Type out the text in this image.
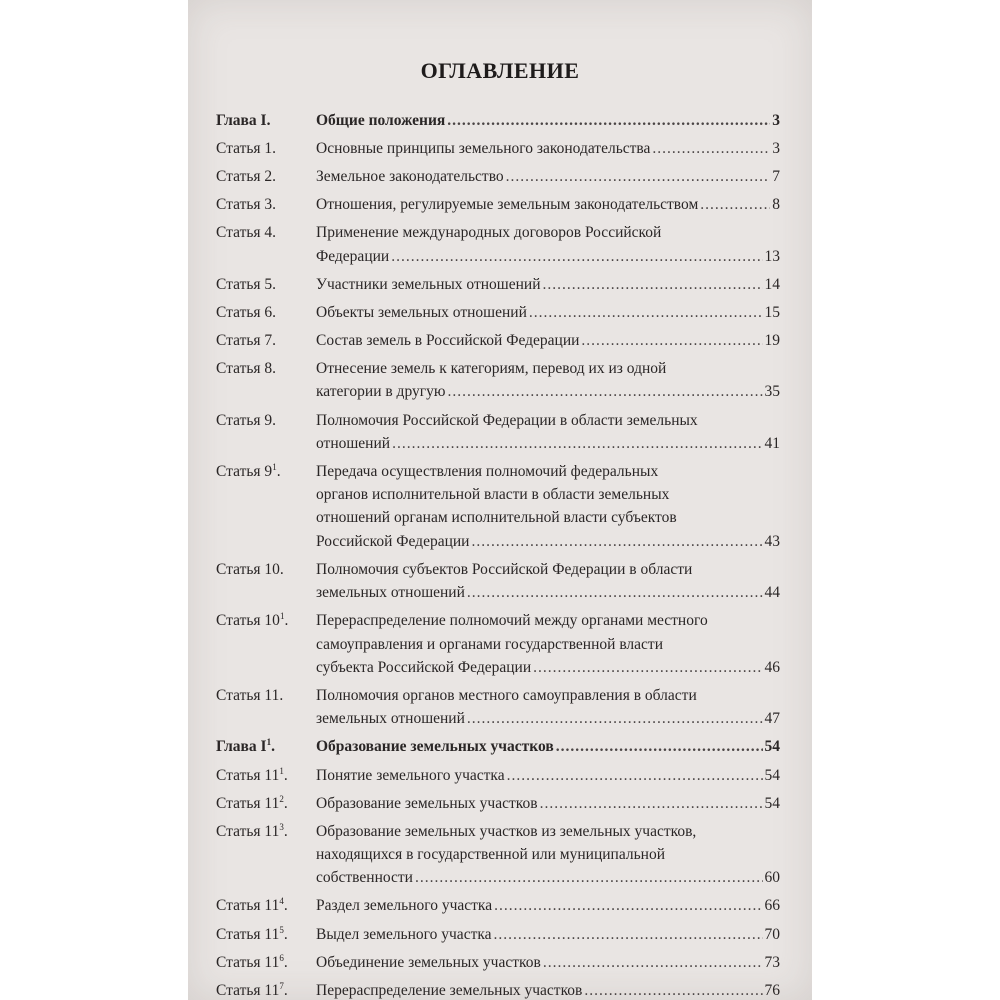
ОГЛАВЛЕНИЕ
Глава I.	Общие положения .....	3
Статья 1.	Основные принципы земельного законодательства .....	3
Статья 2.	Земельное законодательство .....	7
Статья 3.	Отношения, регулируемые земельным законодательством .....	8
Статья 4.	Применение международных договоров Российской
Федерации .....	13
Статья 5.	Участники земельных отношений .....	14
Статья 6.	Объекты земельных отношений .....	15
Статья 7.	Состав земель в Российской Федерации .....	19
Статья 8.	Отнесение земель к категориям, перевод их из одной
категории в другую .....	35
Статья 9.	Полномочия Российской Федерации в области земельных
отношений .....	41
Статья $9^1$. Передача осуществления полномочий федеральных
органов исполнительной власти в области земельных
отношений органам исполнительной власти субъектов
Российской Федерации .....	43
Статья 10. Полномочия субъектов Российской Федерации в области
земельных отношений .....	44
Статья $10^1$. Перераспределение полномочий между органами местного
самоуправления и органами государственной власти
субъекта Российской Федерации .....	46
Статья 11. Полномочия органов местного самоуправления в области
земельных отношений .....	47
Глава $I^1$.	Образование земельных участков .....	54
Статья $11^1$. Понятие земельного участка .....	54
Статья $11^2$. Образование земельных участков .....	54
Статья $11^3$. Образование земельных участков из земельных участков,
находящихся в государственной или муниципальной
собственности .....	60
Статья $11^4$. Раздел земельного участка .....	66
Статья $11^5$. Выдел земельного участка .....	70
Статья $11^6$. Объединение земельных участков .....	73
Статья $11^7$. Перераспределение земельных участков .....	76
